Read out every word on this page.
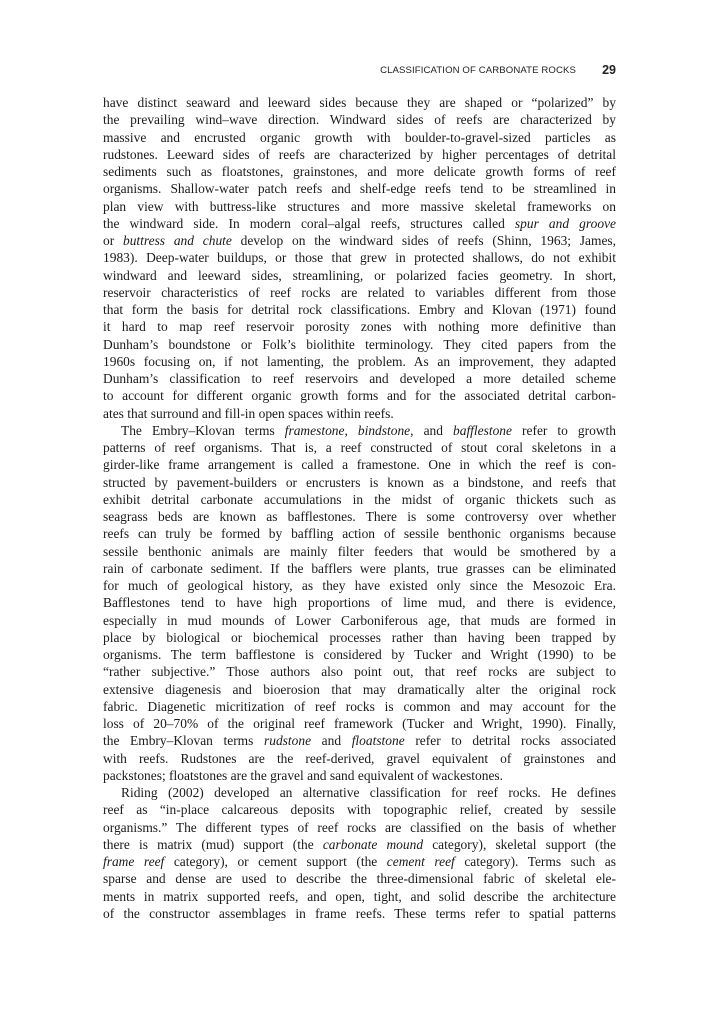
CLASSIFICATION OF CARBONATE ROCKS 29
have distinct seaward and leeward sides because they are shaped or “polarized” by
the prevailing wind–wave direction. Windward sides of reefs are characterized by
massive and encrusted organic growth with boulder-to-gravel-sized particles as
rudstones. Leeward sides of reefs are characterized by higher percentages of detrital
sediments such as floatstones, grainstones, and more delicate growth forms of reef
organisms. Shallow-water patch reefs and shelf-edge reefs tend to be streamlined in
plan view with buttress-like structures and more massive skeletal frameworks on
the windward side. In modern coral–algal reefs, structures called spur and groove
or buttress and chute develop on the windward sides of reefs (Shinn, 1963; James,
1983). Deep-water buildups, or those that grew in protected shallows, do not exhibit
windward and leeward sides, streamlining, or polarized facies geometry. In short,
reservoir characteristics of reef rocks are related to variables different from those
that form the basis for detrital rock classifications. Embry and Klovan (1971) found
it hard to map reef reservoir porosity zones with nothing more definitive than
Dunham’s boundstone or Folk’s biolithite terminology. They cited papers from the
1960s focusing on, if not lamenting, the problem. As an improvement, they adapted
Dunham’s classification to reef reservoirs and developed a more detailed scheme
to account for different organic growth forms and for the associated detrital carbon-
ates that surround and fill-in open spaces within reefs.
The Embry–Klovan terms framestone, bindstone, and bafflestone refer to growth
patterns of reef organisms. That is, a reef constructed of stout coral skeletons in a
girder-like frame arrangement is called a framestone. One in which the reef is con-
structed by pavement-builders or encrusters is known as a bindstone, and reefs that
exhibit detrital carbonate accumulations in the midst of organic thickets such as
seagrass beds are known as bafflestones. There is some controversy over whether
reefs can truly be formed by baffling action of sessile benthonic organisms because
sessile benthonic animals are mainly filter feeders that would be smothered by a
rain of carbonate sediment. If the bafflers were plants, true grasses can be eliminated
for much of geological history, as they have existed only since the Mesozoic Era.
Bafflestones tend to have high proportions of lime mud, and there is evidence,
especially in mud mounds of Lower Carboniferous age, that muds are formed in
place by biological or biochemical processes rather than having been trapped by
organisms. The term bafflestone is considered by Tucker and Wright (1990) to be
“rather subjective.” Those authors also point out, that reef rocks are subject to
extensive diagenesis and bioerosion that may dramatically alter the original rock
fabric. Diagenetic micritization of reef rocks is common and may account for the
loss of 20–70% of the original reef framework (Tucker and Wright, 1990). Finally,
the Embry–Klovan terms rudstone and floatstone refer to detrital rocks associated
with reefs. Rudstones are the reef-derived, gravel equivalent of grainstones and
packstones; floatstones are the gravel and sand equivalent of wackestones.
Riding (2002) developed an alternative classification for reef rocks. He defines
reef as “in-place calcareous deposits with topographic relief, created by sessile
organisms.” The different types of reef rocks are classified on the basis of whether
there is matrix (mud) support (the carbonate mound category), skeletal support (the
frame reef category), or cement support (the cement reef category). Terms such as
sparse and dense are used to describe the three-dimensional fabric of skeletal ele-
ments in matrix supported reefs, and open, tight, and solid describe the architecture
of the constructor assemblages in frame reefs. These terms refer to spatial patterns
